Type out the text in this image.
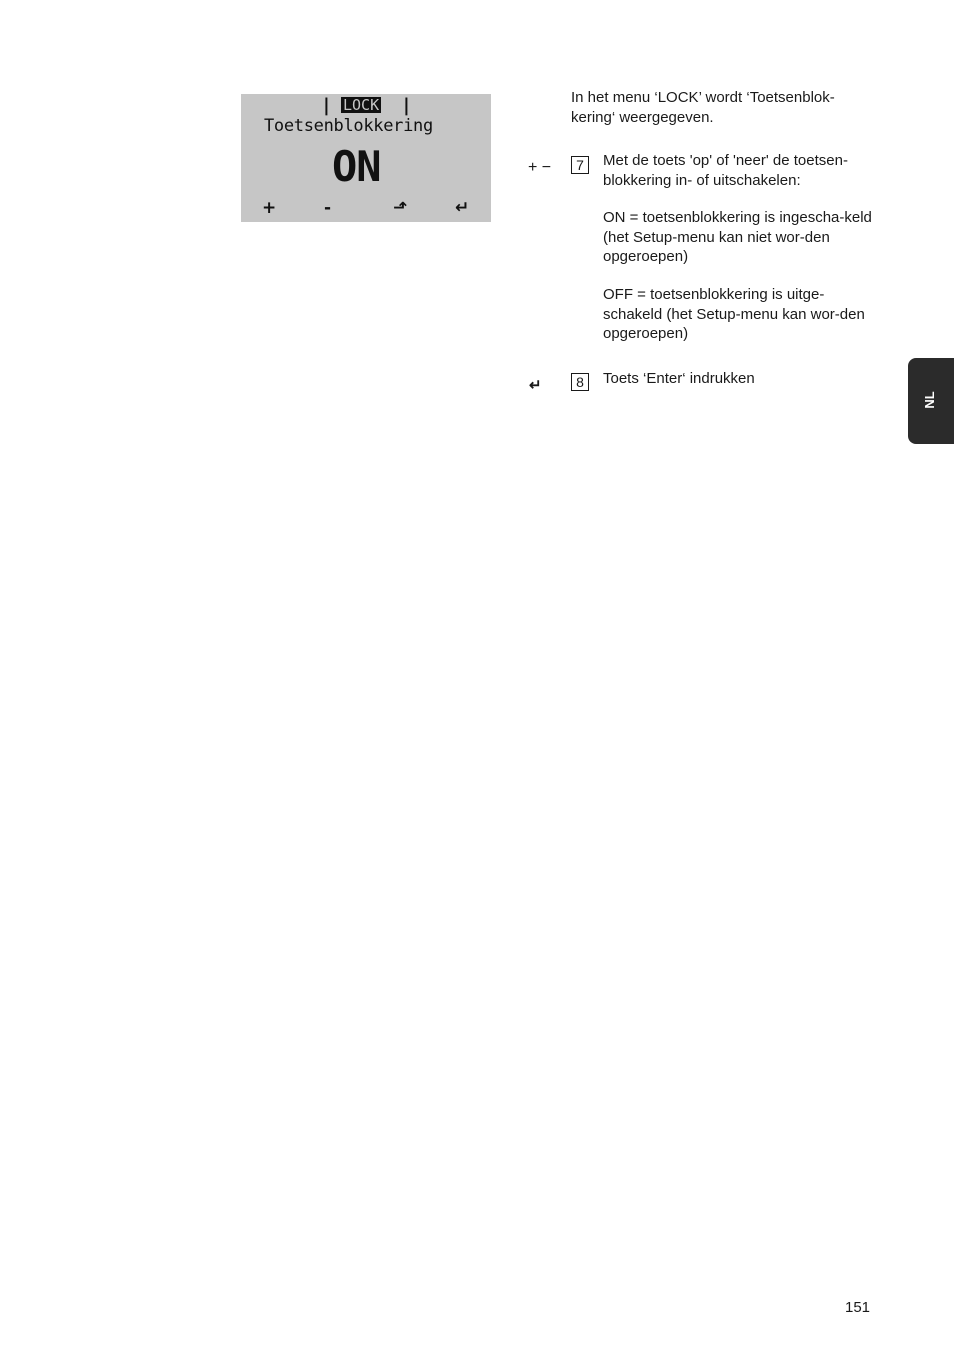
| LOCK |
Toetsenblokkering
ON
+	-	⬏	↵
In het menu ‘LOCK’ wordt ‘Toetsenblok-kering‘ weergegeven.
+ −	7	Met de toets 'op' of 'neer' de toetsen-blokkering in- of uitschakelen:
ON = toetsenblokkering is ingescha-keld (het Setup-menu kan niet wor-den opgeroepen)
OFF = toetsenblokkering is uitge-schakeld (het Setup-menu kan wor-den opgeroepen)
↵	8	Toets ‘Enter‘ indrukken
NL
151
